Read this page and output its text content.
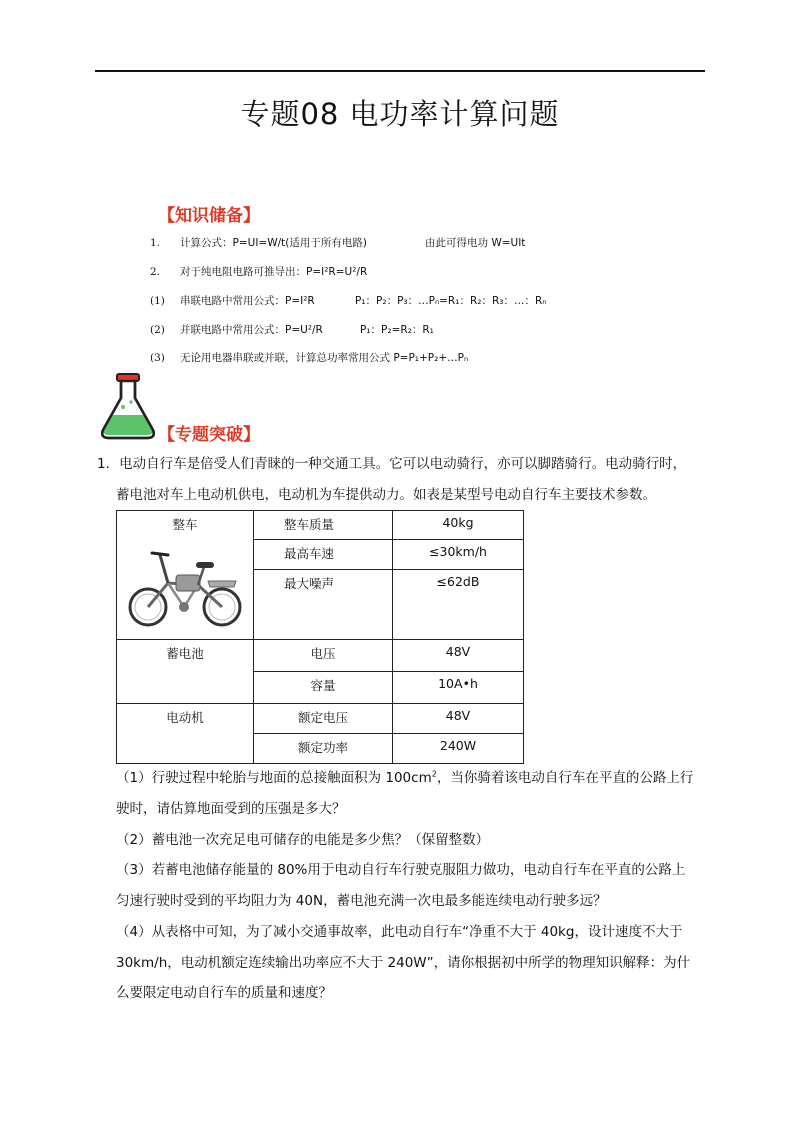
专题08 电功率计算问题
【知识储备】
1. 计算公式：P=UI=W/t(适用于所有电路)	由此可得电功 W=UIt
2. 对于纯电阻电路可推导出：P=I²R=U²/R
(1) 串联电路中常用公式：P=I²R	P₁：P₂：P₃：…Pₙ=R₁：R₂：R₃：…：Rₙ
(2) 并联电路中常用公式：P=U²/R	P₁：P₂=R₂：R₁
(3) 无论用电器串联或并联，计算总功率常用公式 P=P₁+P₂+…Pₙ
【专题突破】
1．电动自行车是倍受人们青睐的一种交通工具。它可以电动骑行，亦可以脚踏骑行。电动骑行时，
蓄电池对车上电动机供电，电动机为车提供动力。如表是某型号电动自行车主要技术参数。
整车	整车质量	40kg
	最高车速	≤30km/h
	最大噪声	≤62dB
蓄电池	电压	48V
	容量	10A•h
电动机	额定电压	48V
	额定功率	240W
（1）行驶过程中轮胎与地面的总接触面积为 $100cm^2$，当你骑着该电动自行车在平直的公路上行
驶时，请估算地面受到的压强是多大？
（2）蓄电池一次充足电可储存的电能是多少焦？（保留整数）
（3）若蓄电池储存能量的 80%用于电动自行车行驶克服阻力做功，电动自行车在平直的公路上
匀速行驶时受到的平均阻力为 40N，蓄电池充满一次电最多能连续电动行驶多远？
（4）从表格中可知，为了减小交通事故率，此电动自行车“净重不大于 40kg，设计速度不大于
30km/h，电动机额定连续输出功率应不大于 240W”，请你根据初中所学的物理知识解释：为什
么要限定电动自行车的质量和速度？
